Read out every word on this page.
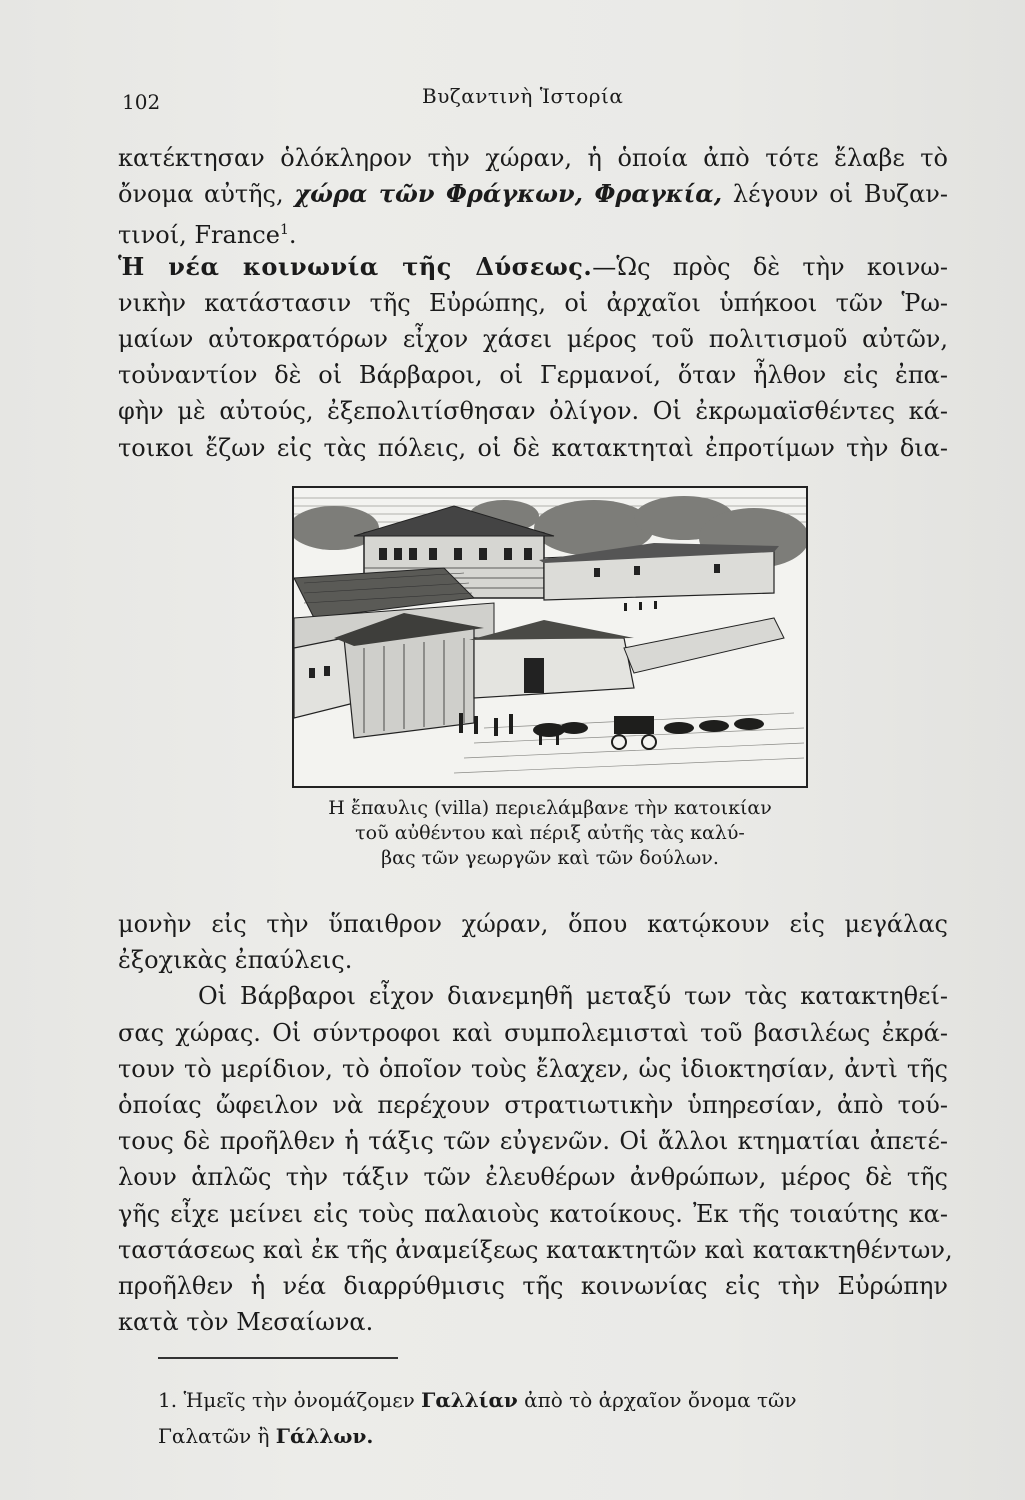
102	Βυζαντινὴ Ἱστορία
κατέκτησαν ὁλόκληρον τὴν χώραν, ἡ ὁποία ἀπὸ τότε ἔλαβε τὸ
ὄνομα αὐτῆς, χώρα τῶν Φράγκων, Φραγκία, λέγουν οἱ Βυζαν-
τινοί, France$^1$.
Ἡ νέα κοινωνία τῆς Δύσεως.—Ὡς πρὸς δὲ τὴν κοινω-
νικὴν κατάστασιν τῆς Εὐρώπης, οἱ ἀρχαῖοι ὑπήκοοι τῶν Ῥω-
μαίων αὐτοκρατόρων εἶχον χάσει μέρος τοῦ πολιτισμοῦ αὐτῶν,
τοὐναντίον δὲ οἱ Βάρβαροι, οἱ Γερμανοί, ὅταν ἦλθον εἰς ἐπα-
φὴν μὲ αὐτούς, ἐξεπολιτίσθησαν ὀλίγον. Οἱ ἐκρωμαϊσθέντες κά-
τοικοι ἔζων εἰς τὰς πόλεις, οἱ δὲ κατακτηταὶ ἐπροτίμων τὴν δια-
Η ἔπαυλις (villa) περιελάμβανε τὴν κατοικίαν
τοῦ αὐθέντου καὶ πέριξ αὐτῆς τὰς καλύ-
βας τῶν γεωργῶν καὶ τῶν δούλων.
μονὴν εἰς τὴν ὕπαιθρον χώραν, ὅπου κατῴκουν εἰς μεγάλας
ἐξοχικὰς ἐπαύλεις.
Οἱ Βάρβαροι εἶχον διανεμηθῆ μεταξύ των τὰς κατακτηθεί-
σας χώρας. Οἱ σύντροφοι καὶ συμπολεμισταὶ τοῦ βασιλέως ἐκρά-
τουν τὸ μερίδιον, τὸ ὁποῖον τοὺς ἔλαχεν, ὡς ἰδιοκτησίαν, ἀντὶ τῆς
ὁποίας ὤφειλον νὰ περέχουν στρατιωτικὴν ὑπηρεσίαν, ἀπὸ τού-
τους δὲ προῆλθεν ἡ τάξις τῶν εὐγενῶν. Οἱ ἄλλοι κτηματίαι ἀπετέ-
λουν ἁπλῶς τὴν τάξιν τῶν ἐλευθέρων ἀνθρώπων, μέρος δὲ τῆς
γῆς εἶχε μείνει εἰς τοὺς παλαιοὺς κατοίκους. Ἐκ τῆς τοιαύτης κα-
ταστάσεως καὶ ἐκ τῆς ἀναμείξεως κατακτητῶν καὶ κατακτηθέντων,
προῆλθεν ἡ νέα διαρρύθμισις τῆς κοινωνίας εἰς τὴν Εὐρώπην
κατὰ τὸν Μεσαίωνα.
1. Ἡμεῖς τὴν ὀνομάζομεν Γαλλίαν ἀπὸ τὸ ἀρχαῖον ὄνομα τῶν
Γαλατῶν ἢ Γάλλων.
